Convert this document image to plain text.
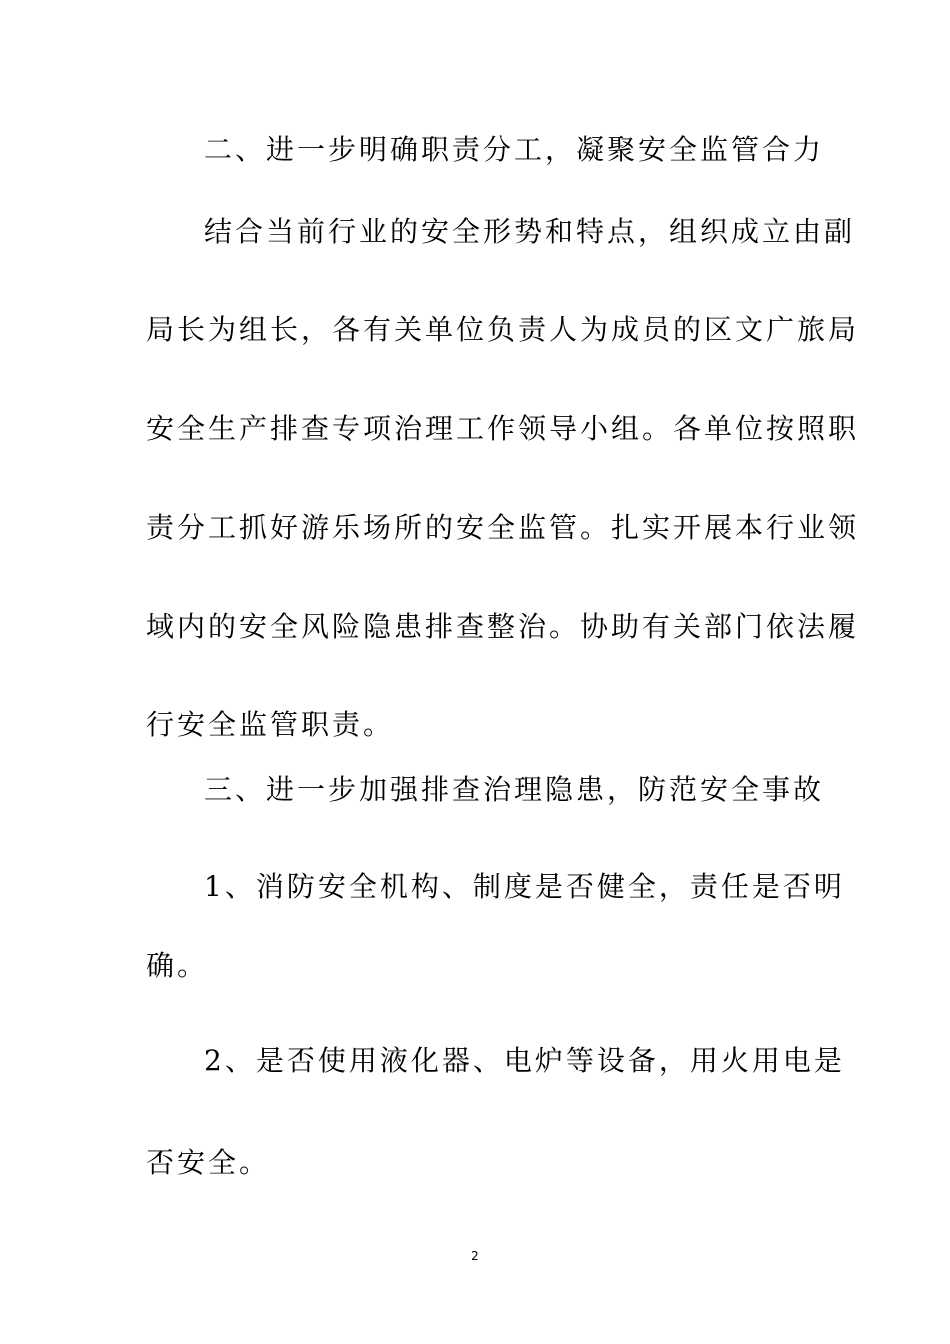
二、进一步明确职责分工，凝聚安全监管合力
结合当前行业的安全形势和特点，组织成立由副
局长为组长，各有关单位负责人为成员的区文广旅局
安全生产排查专项治理工作领导小组。各单位按照职
责分工抓好游乐场所的安全监管。扎实开展本行业领
域内的安全风险隐患排查整治。协助有关部门依法履
行安全监管职责。
三、进一步加强排查治理隐患，防范安全事故
1、消防安全机构、制度是否健全，责任是否明
确。
2、是否使用液化器、电炉等设备，用火用电是
否安全。
2
